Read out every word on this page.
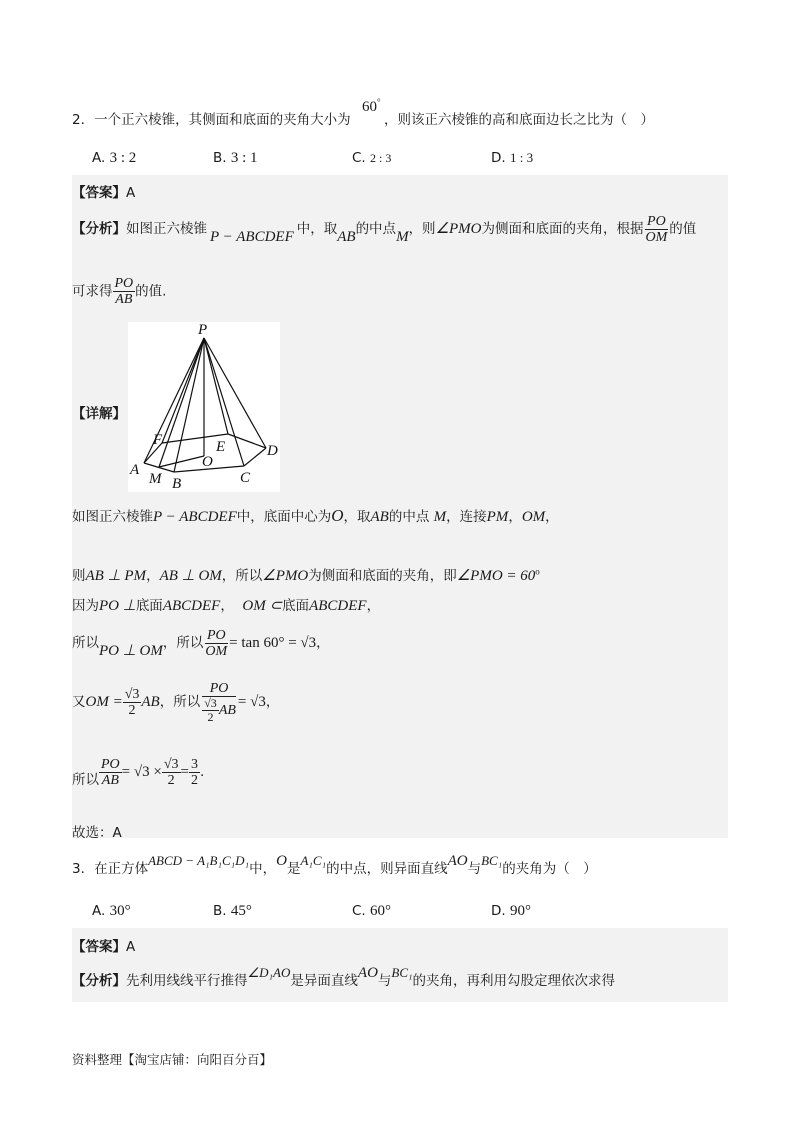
2．一个正六棱锥，其侧面和底面的夹角大小为
60°
，则该正六棱锥的高和底面边长之比为（　）
A. 3 : 2	B. 3 : 1	C. 2 : 3	D. 1 : 3
【答案】A
【分析】如图正六棱锥 P − ABCDEF 中，取AB的中点M，则∠PMO为侧面和底面的夹角，根据 $\frac{PO}{OM}$ 的值
可求得 $\frac{PO}{AB}$ 的值.
【详解】
P
F	E	D
O
A
M B	C
如图正六棱锥P − ABCDEF中，底面中心为O，取AB的中点 M，连接PM，OM，
则AB ⊥ PM，AB ⊥ OM，所以∠PMO为侧面和底面的夹角，即∠PMO = $60^o$
因为PO ⊥底面ABCDEF， OM ⊂底面ABCDEF，
所以PO ⊥ OM，所以 $\frac{PO}{OM} = \tan 60^\circ = √3$，
又OM = $\frac{√3}{2}$ AB，所以 $\frac{PO}{\frac{√3}{2} AB} = √3$，
所以 $\frac{PO}{AB} = √3 \times \frac{√3}{2} = \frac{3}{2}$ .
故选：A
3．在正方体ABCD − A₁B₁C₁D₁中，O是A₁C₁的中点，则异面直线AO与BC₁的夹角为（　）
A. 30°	B. 45°	C. 60°	D. 90°
【答案】A
【分析】先利用线线平行推得∠D₁AO是异面直线AO与BC₁的夹角，再利用勾股定理依次求得
资料整理【淘宝店铺：向阳百分百】
